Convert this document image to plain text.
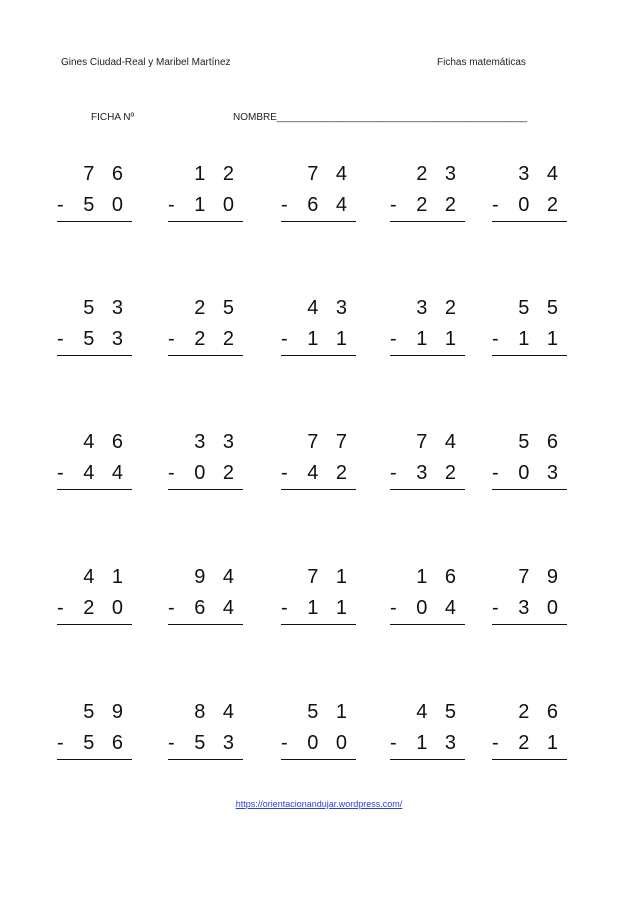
Gines Ciudad-Real y Maribel Martínez	Fichas matemáticas
FICHA Nº	NOMBRE_____________________________________________
7 6
- 5 0
1 2
- 1 0
7 4
- 6 4
2 3
- 2 2
3 4
- 0 2
5 3
- 5 3
2 5
- 2 2
4 3
- 1 1
3 2
- 1 1
5 5
- 1 1
4 6
- 4 4
3 3
- 0 2
7 7
- 4 2
7 4
- 3 2
5 6
- 0 3
4 1
- 2 0
9 4
- 6 4
7 1
- 1 1
1 6
- 0 4
7 9
- 3 0
5 9
- 5 6
8 4
- 5 3
5 1
- 0 0
4 5
- 1 3
2 6
- 2 1
https://orientacionandujar.wordpress.com/
